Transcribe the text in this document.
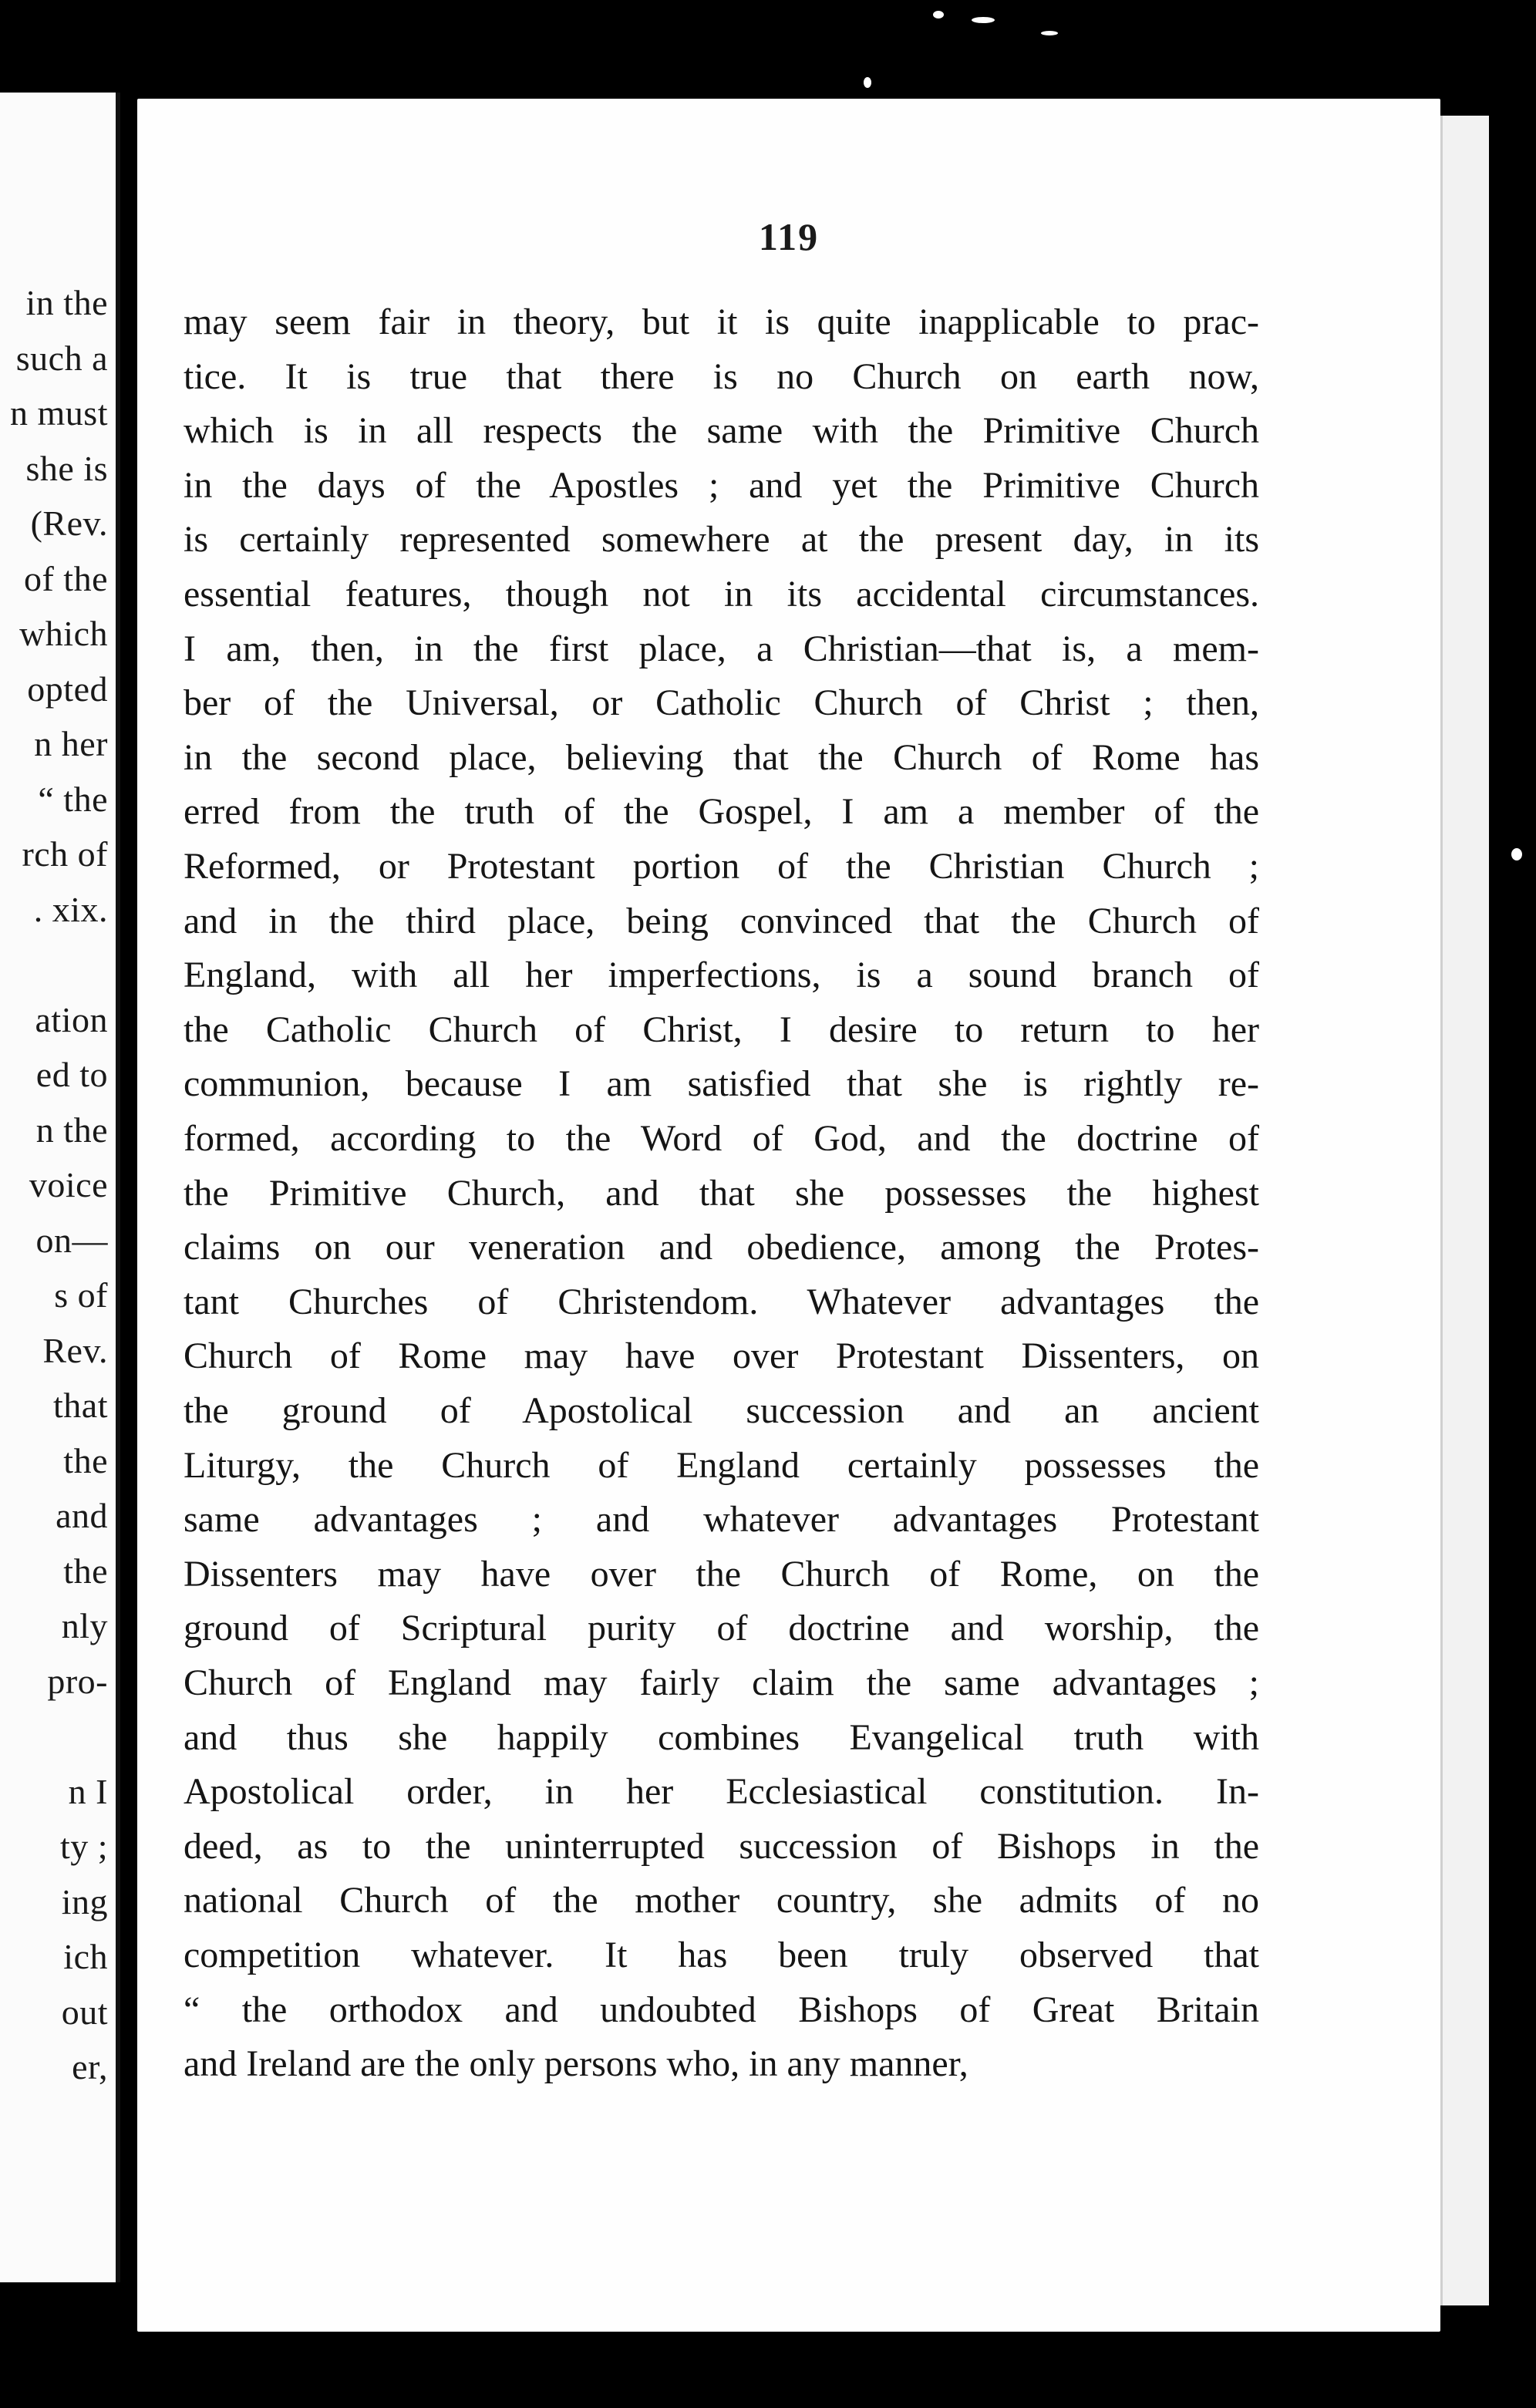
in the
such a
n must
she is
(Rev.
of the
which
opted
n her
“ the
rch of
. xix.
ation
ed to
n the
voice
on—
s of
Rev.
that
the
and
the
nly
pro-
n I
ty ;
ing
ich
out
er,
119
may seem fair in theory, but it is quite inapplicable to prac-
tice. It is true that there is no Church on earth now,
which is in all respects the same with the Primitive Church
in the days of the Apostles ; and yet the Primitive Church
is certainly represented somewhere at the present day, in its
essential features, though not in its accidental circumstances.
I am, then, in the first place, a Christian—that is, a mem-
ber of the Universal, or Catholic Church of Christ ; then,
in the second place, believing that the Church of Rome has
erred from the truth of the Gospel, I am a member of the
Reformed, or Protestant portion of the Christian Church ;
and in the third place, being convinced that the Church of
England, with all her imperfections, is a sound branch of
the Catholic Church of Christ, I desire to return to her
communion, because I am satisfied that she is rightly re-
formed, according to the Word of God, and the doctrine of
the Primitive Church, and that she possesses the highest
claims on our veneration and obedience, among the Protes-
tant Churches of Christendom. Whatever advantages the
Church of Rome may have over Protestant Dissenters, on
the ground of Apostolical succession and an ancient
Liturgy, the Church of England certainly possesses the
same advantages ; and whatever advantages Protestant
Dissenters may have over the Church of Rome, on the
ground of Scriptural purity of doctrine and worship, the
Church of England may fairly claim the same advantages ;
and thus she happily combines Evangelical truth with
Apostolical order, in her Ecclesiastical constitution. In-
deed, as to the uninterrupted succession of Bishops in the
national Church of the mother country, she admits of no
competition whatever. It has been truly observed that
“ the orthodox and undoubted Bishops of Great Britain
and Ireland are the only persons who, in any manner,
